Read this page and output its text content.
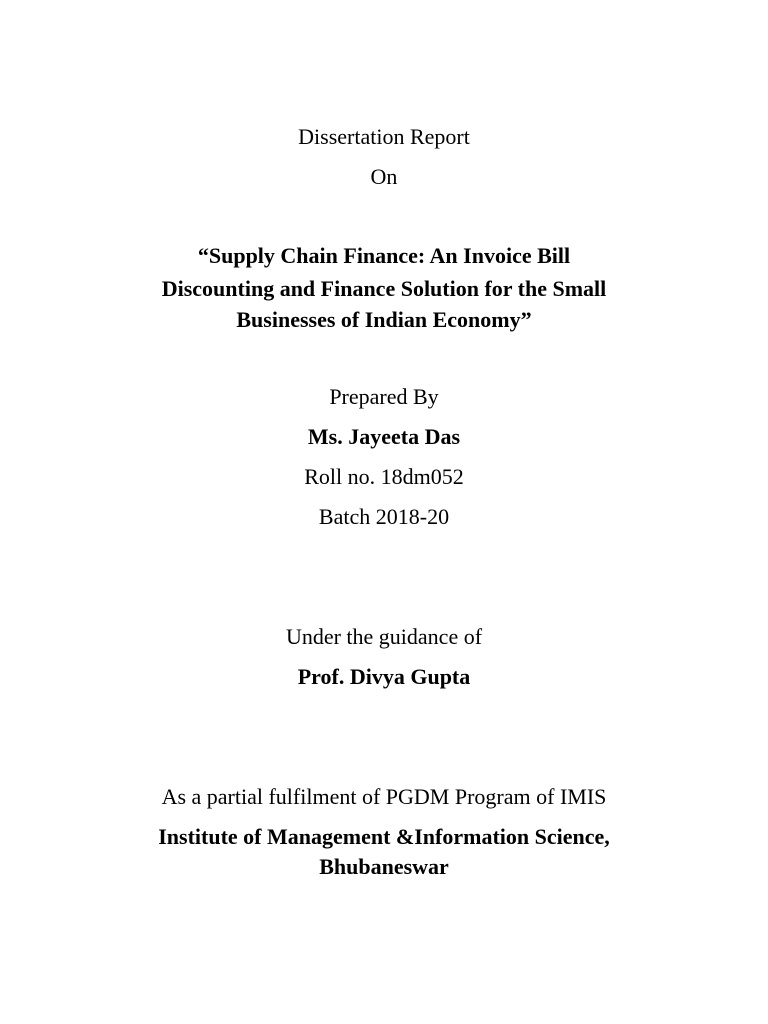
Dissertation Report
On
“Supply Chain Finance: An Invoice Bill
Discounting and Finance Solution for the Small
Businesses of Indian Economy”
Prepared By
Ms. Jayeeta Das
Roll no. 18dm052
Batch 2018-20
Under the guidance of
Prof. Divya Gupta
As a partial fulfilment of PGDM Program of IMIS
Institute of Management &Information Science,
Bhubaneswar
